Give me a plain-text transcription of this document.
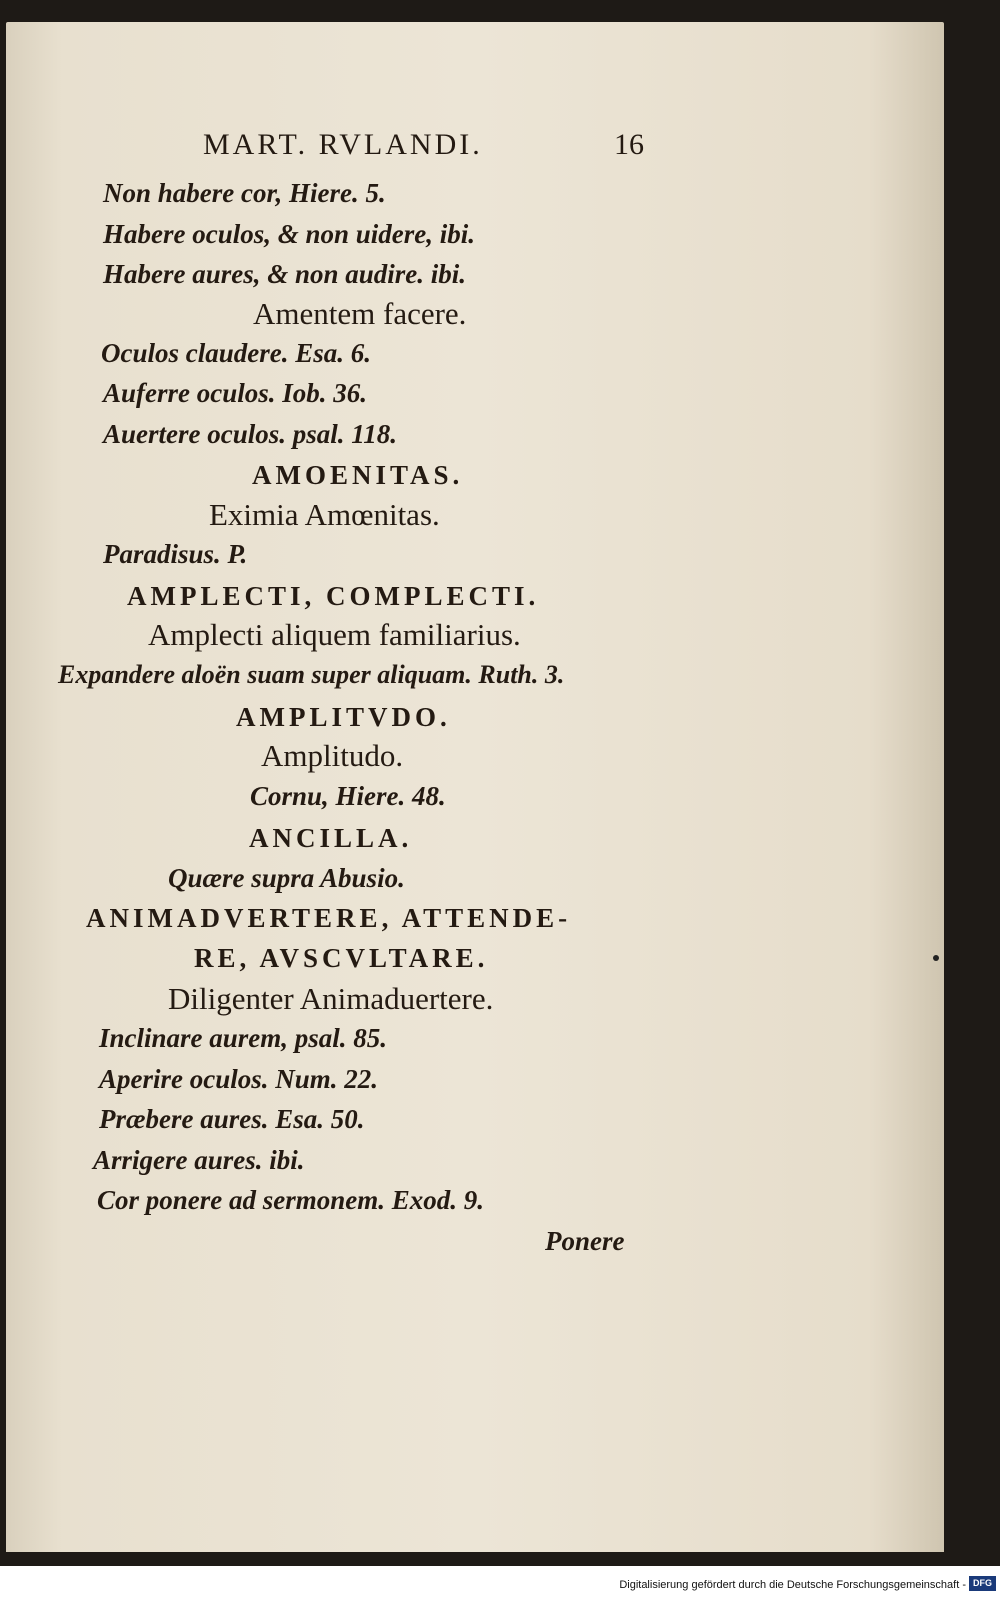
MART. RVLANDI.	16
Non habere cor, Hiere. 5.
Habere oculos, & non uidere, ibi.
Habere aures, & non audire. ibi.
Amentem facere.
Oculos claudere. Esa. 6.
Auferre oculos. Iob. 36.
Auertere oculos. psal. 118.
AMOENITAS.
Eximia Amœnitas.
Paradisus. P.
AMPLECTI, COMPLECTI.
Amplecti aliquem familiarius.
Expandere aloën suam super aliquam. Ruth. 3.
AMPLITVDO.
Amplitudo.
Cornu, Hiere. 48.
ANCILLA.
Quære supra Abusio.
ANIMADVERTERE, ATTENDE-
RE, AVSCVLTARE.
Diligenter Animaduertere.
Inclinare aurem, psal. 85.
Aperire oculos. Num. 22.
Præbere aures. Esa. 50.
Arrigere aures. ibi.
Cor ponere ad sermonem. Exod. 9.
Ponere
Digitalisierung gefördert durch die Deutsche Forschungsgemeinschaft - DFG
